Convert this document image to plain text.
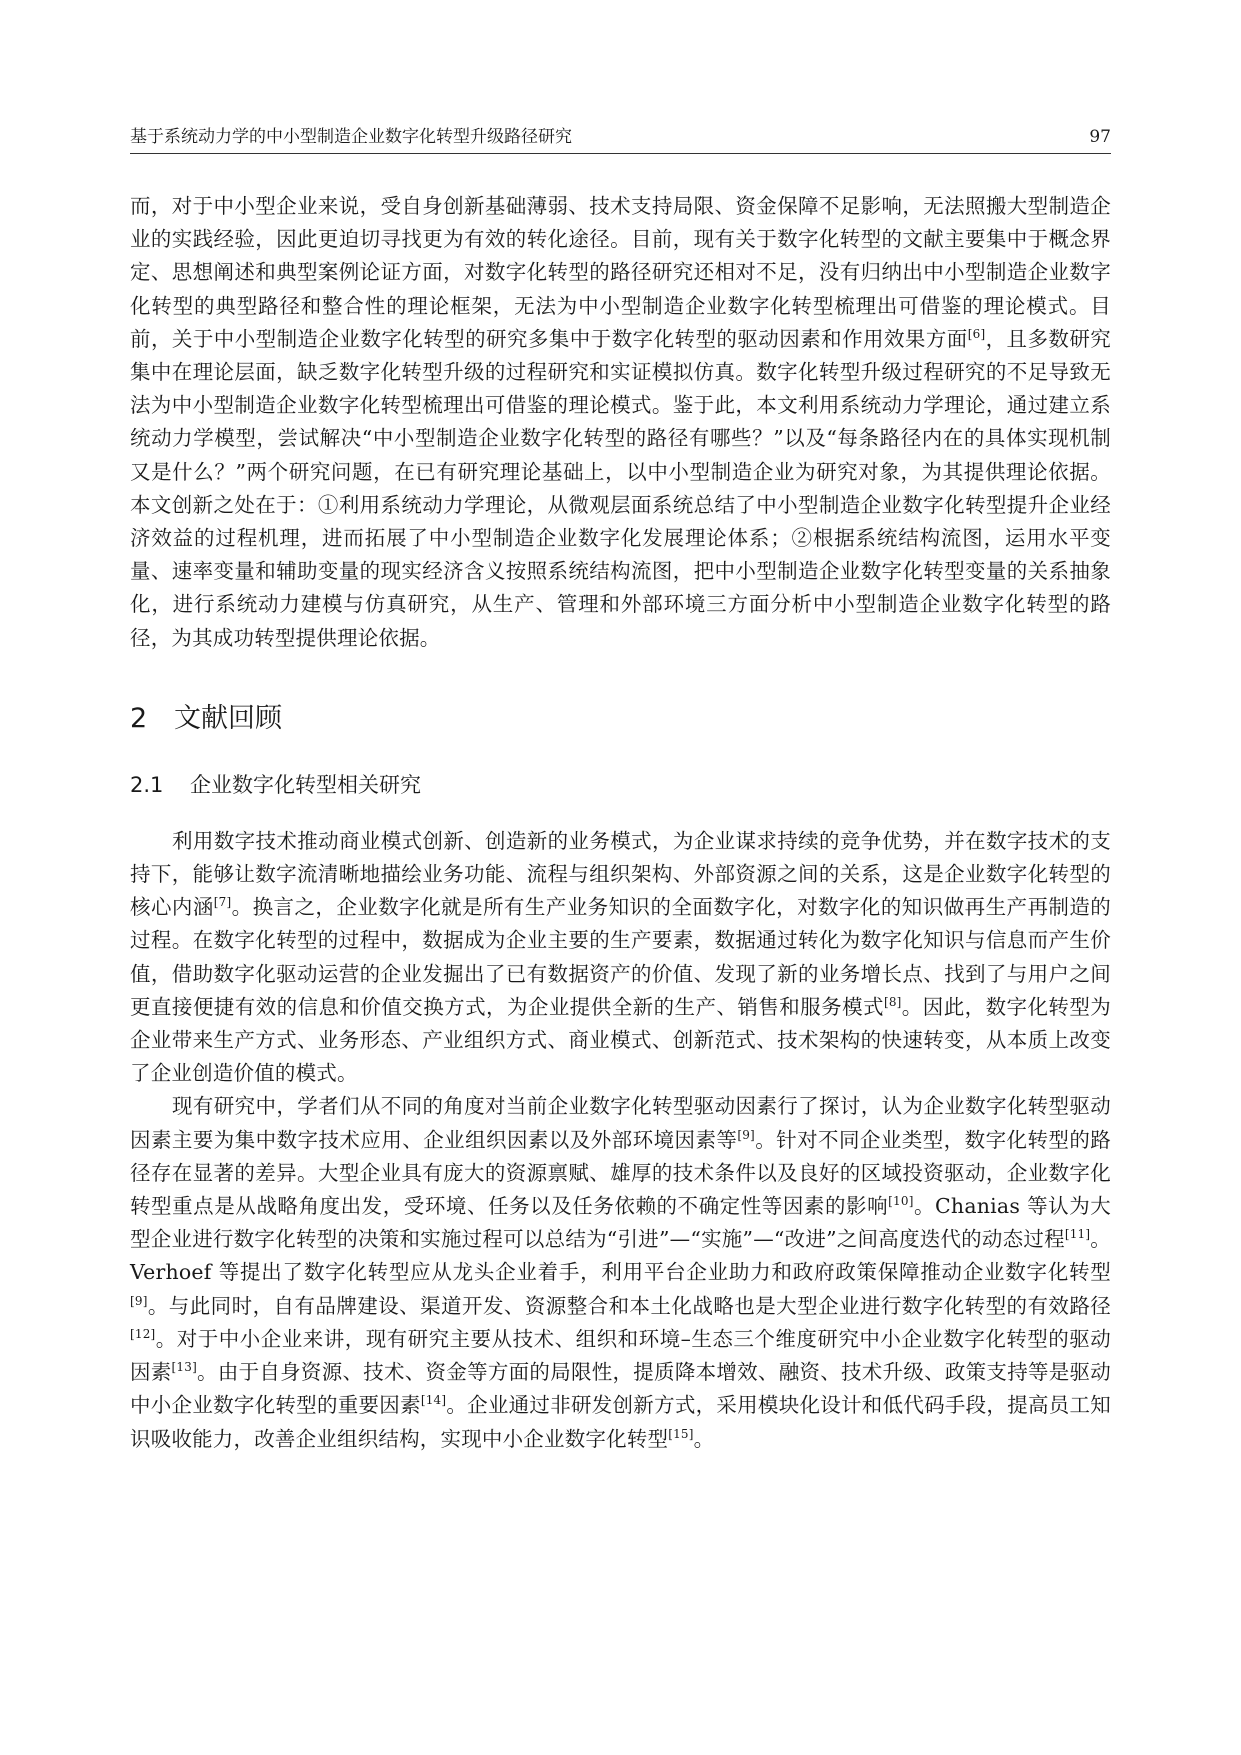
基于系统动力学的中小型制造企业数字化转型升级路径研究	97

而，对于中小型企业来说，受自身创新基础薄弱、技术支持局限、资金保障不足影响，无法照搬大型制造企业的实践经验，因此更迫切寻找更为有效的转化途径。目前，现有关于数字化转型的文献主要集中于概念界定、思想阐述和典型案例论证方面，对数字化转型的路径研究还相对不足，没有归纳出中小型制造企业数字化转型的典型路径和整合性的理论框架，无法为中小型制造企业数字化转型梳理出可借鉴的理论模式。目前，关于中小型制造企业数字化转型的研究多集中于数字化转型的驱动因素和作用效果方面[6]，且多数研究集中在理论层面，缺乏数字化转型升级的过程研究和实证模拟仿真。数字化转型升级过程研究的不足导致无法为中小型制造企业数字化转型梳理出可借鉴的理论模式。鉴于此，本文利用系统动力学理论，通过建立系统动力学模型，尝试解决“中小型制造企业数字化转型的路径有哪些？”以及“每条路径内在的具体实现机制又是什么？”两个研究问题，在已有研究理论基础上，以中小型制造企业为研究对象，为其提供理论依据。本文创新之处在于：①利用系统动力学理论，从微观层面系统总结了中小型制造企业数字化转型提升企业经济效益的过程机理，进而拓展了中小型制造企业数字化发展理论体系；②根据系统结构流图，运用水平变量、速率变量和辅助变量的现实经济含义按照系统结构流图，把中小型制造企业数字化转型变量的关系抽象化，进行系统动力建模与仿真研究，从生产、管理和外部环境三方面分析中小型制造企业数字化转型的路径，为其成功转型提供理论依据。

2 文献回顾
2.1 企业数字化转型相关研究

利用数字技术推动商业模式创新、创造新的业务模式，为企业谋求持续的竞争优势，并在数字技术的支持下，能够让数字流清晰地描绘业务功能、流程与组织架构、外部资源之间的关系，这是企业数字化转型的核心内涵[7]。换言之，企业数字化就是所有生产业务知识的全面数字化，对数字化的知识做再生产再制造的过程。在数字化转型的过程中，数据成为企业主要的生产要素，数据通过转化为数字化知识与信息而产生价值，借助数字化驱动运营的企业发掘出了已有数据资产的价值、发现了新的业务增长点、找到了与用户之间更直接便捷有效的信息和价值交换方式，为企业提供全新的生产、销售和服务模式[8]。因此，数字化转型为企业带来生产方式、业务形态、产业组织方式、商业模式、创新范式、技术架构的快速转变，从本质上改变了企业创造价值的模式。

现有研究中，学者们从不同的角度对当前企业数字化转型驱动因素行了探讨，认为企业数字化转型驱动因素主要为集中数字技术应用、企业组织因素以及外部环境因素等[9]。针对不同企业类型，数字化转型的路径存在显著的差异。大型企业具有庞大的资源禀赋、雄厚的技术条件以及良好的区域投资驱动，企业数字化转型重点是从战略角度出发，受环境、任务以及任务依赖的不确定性等因素的影响[10]。Chanias 等认为大型企业进行数字化转型的决策和实施过程可以总结为“引进”—“实施”—“改进”之间高度迭代的动态过程[11]。Verhoef 等提出了数字化转型应从龙头企业着手，利用平台企业助力和政府政策保障推动企业数字化转型[9]。与此同时，自有品牌建设、渠道开发、资源整合和本土化战略也是大型企业进行数字化转型的有效路径[12]。对于中小企业来讲，现有研究主要从技术、组织和环境–生态三个维度研究中小企业数字化转型的驱动因素[13]。由于自身资源、技术、资金等方面的局限性，提质降本增效、融资、技术升级、政策支持等是驱动中小企业数字化转型的重要因素[14]。企业通过非研发创新方式，采用模块化设计和低代码手段，提高员工知识吸收能力，改善企业组织结构，实现中小企业数字化转型[15]。
